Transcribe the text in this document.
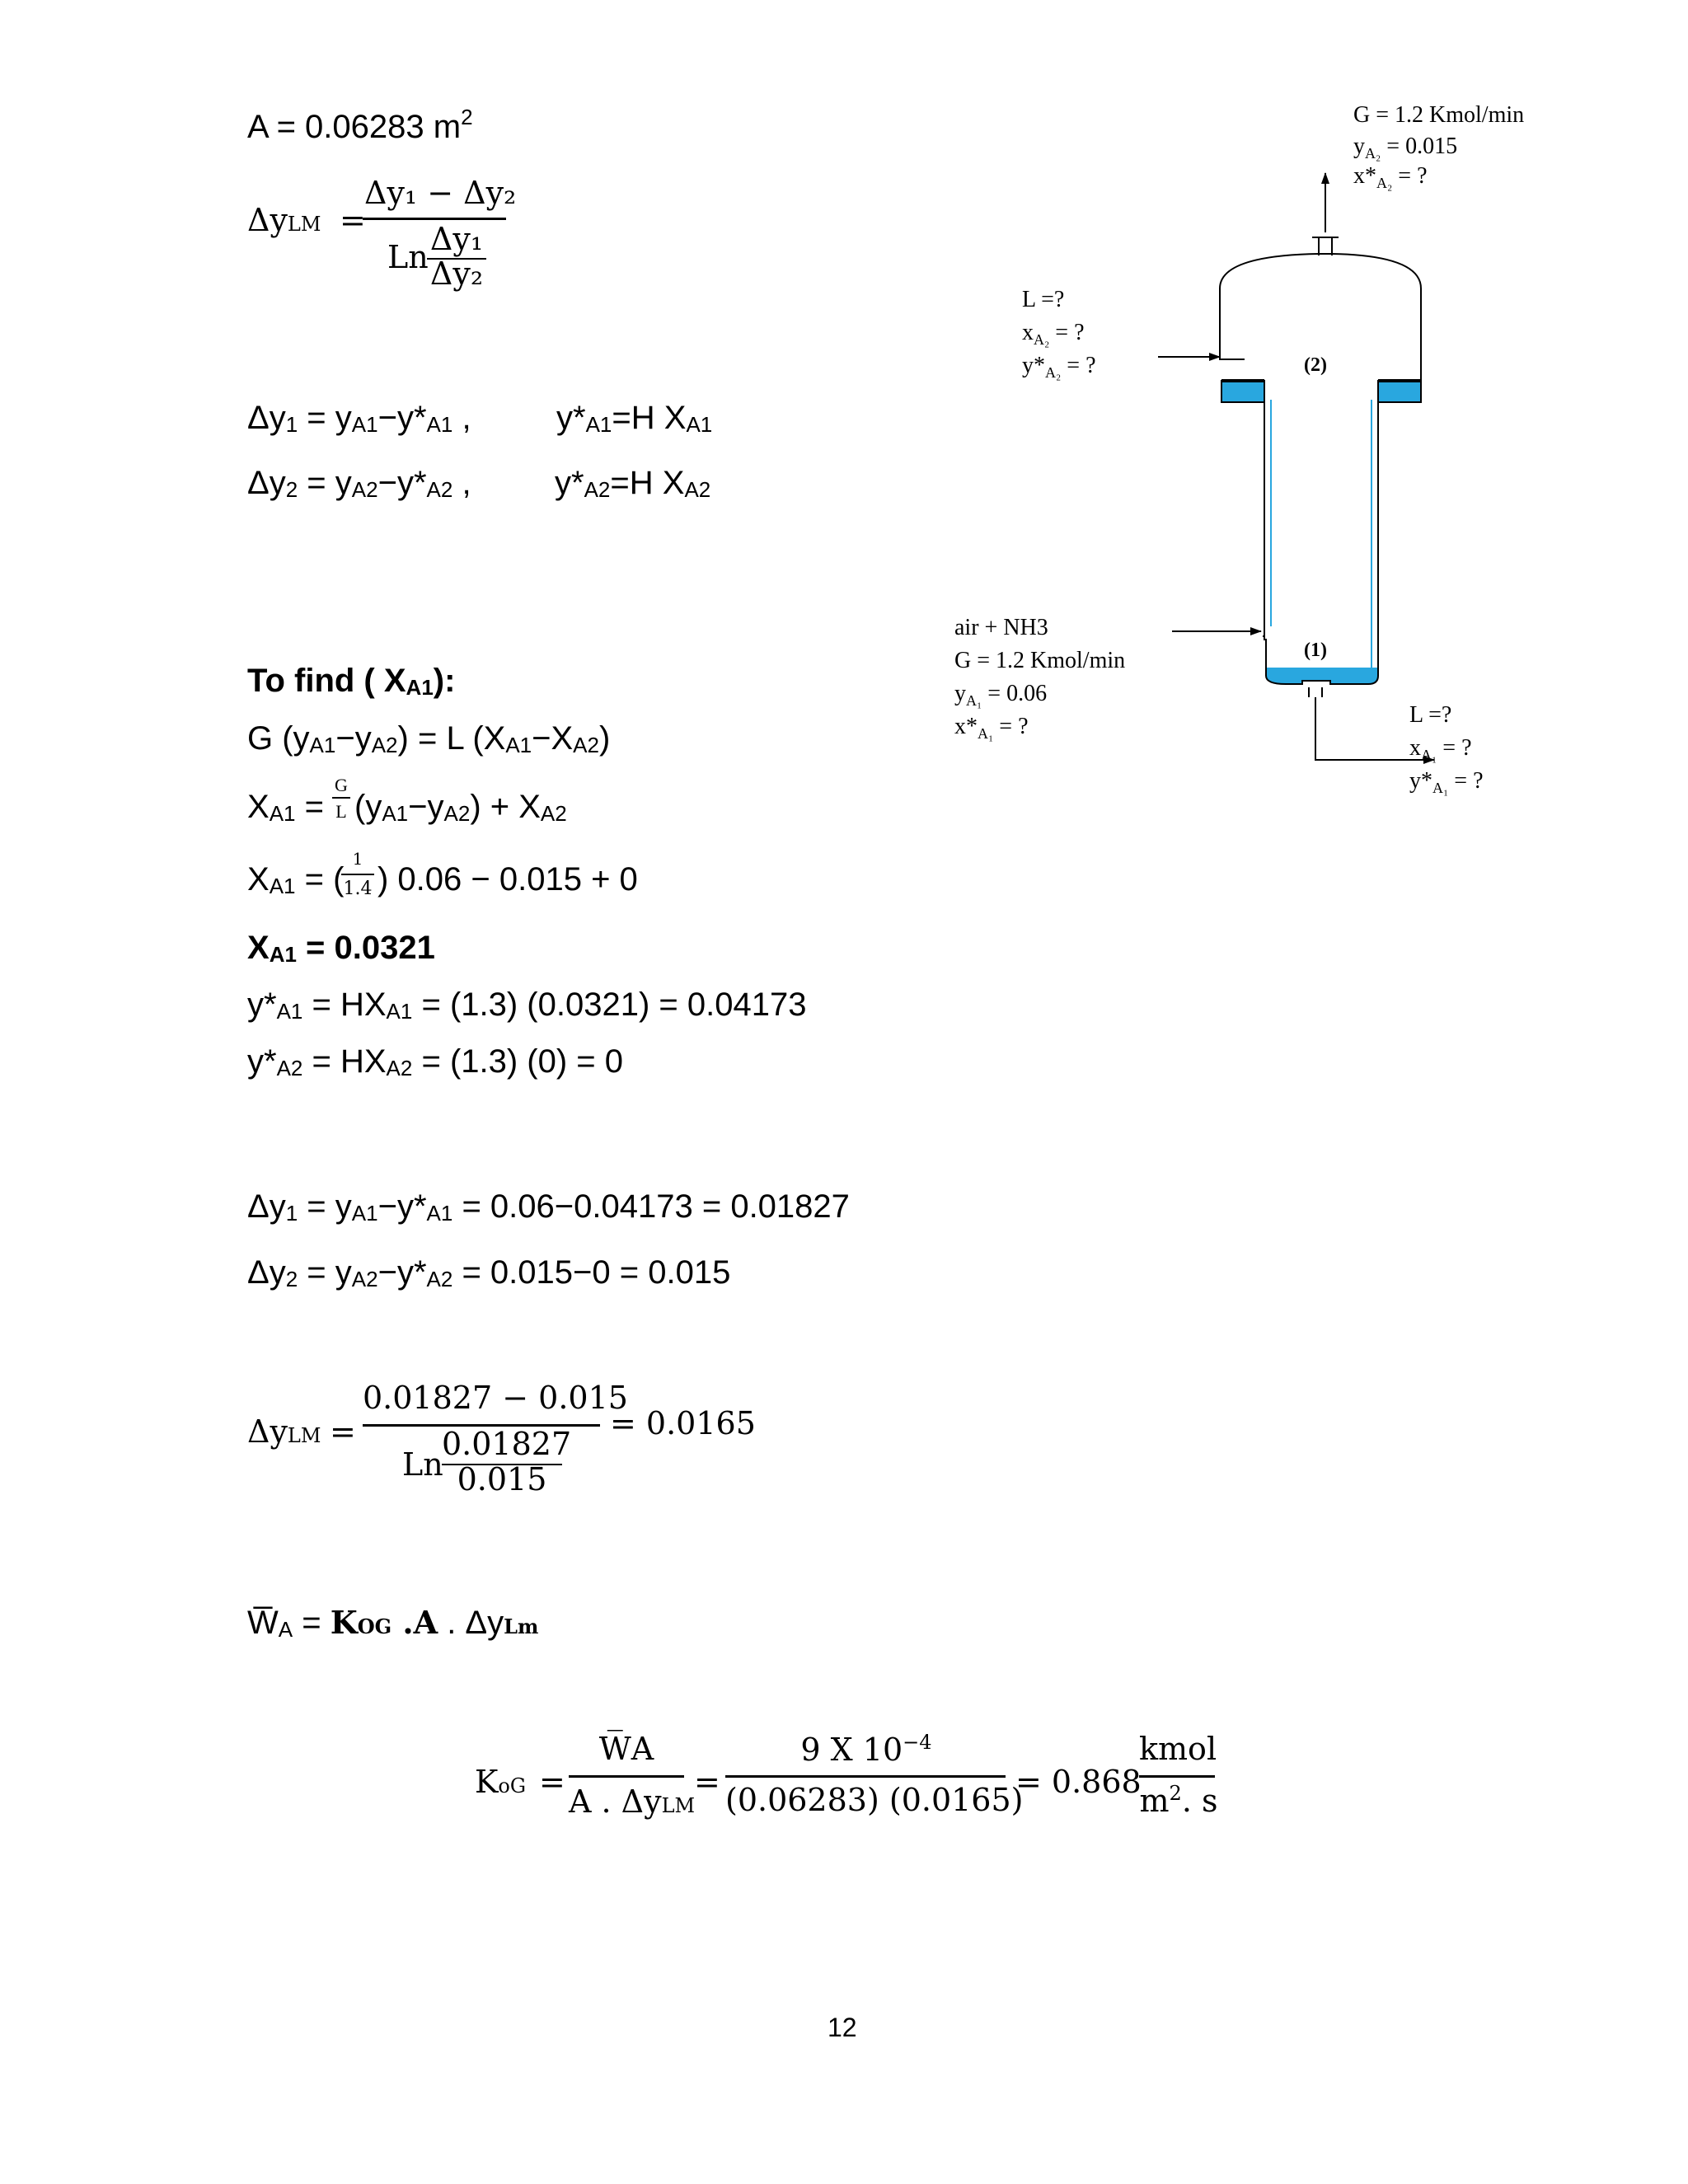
A = 0.06283 $m^2$
ΔyLM =
Δy₁ − Δy₂
Ln Δy₁
Δy₂
Δy1 = yA1−y*A1 ,	y*A1=H XA1
Δy2 = yA2−y*A2 ,	y*A2=H XA2
To find ( XA1):
G (yA1−yA2) = L (XA1−XA2)
XA1 =
G
L (yA1−yA2) + XA2
XA1 = (
1
1.4 ) 0.06 − 0.015 + 0
XA1 = 0.0321
y*A1 = HXA1 = (1.3) (0.0321) = 0.04173
y*A2 = HXA2 = (1.3) (0) = 0
Δy1 = yA1−y*A1 = 0.06−0.04173 = 0.01827
Δy2 = yA2−y*A2 = 0.015−0 = 0.015
ΔyLM =
0.01827 − 0.015
Ln
0.01827
0.015
= 0.0165
W̅A = KOG .A . ΔyLm
KoG =
W̅A
A . ΔyLM
=
9 X $10^{-4}$
(0.06283) (0.0165)
= 0.868
kmol
$m^2$. s
12
(2)
(1)
G = 1.2 Kmol/min
$y_{A_2} = 0.015$
$x*_{A_2}$ = ?
L =?
$x_{A_2}$ = ?
$y*_{A_2}$ = ?
air + NH3
G = 1.2 Kmol/min
$y_{A_1} = 0.06$
$x*_{A_1}$ = ?	L =?
$x_{A_1}$ = ?
$y*_{A_1}$ = ?
